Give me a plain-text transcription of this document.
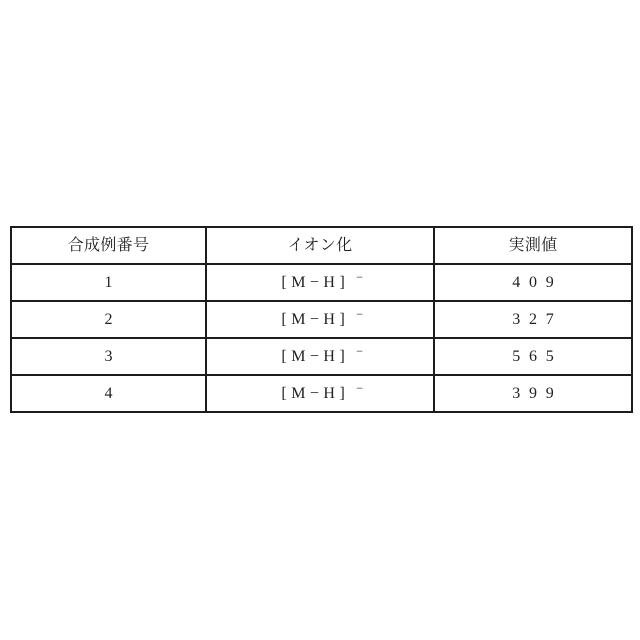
合成例番号	イオン化	実測値
1	[M−H] −	409
2	[M−H] −	327
3	[M−H] −	565
4	[M−H] −	399
